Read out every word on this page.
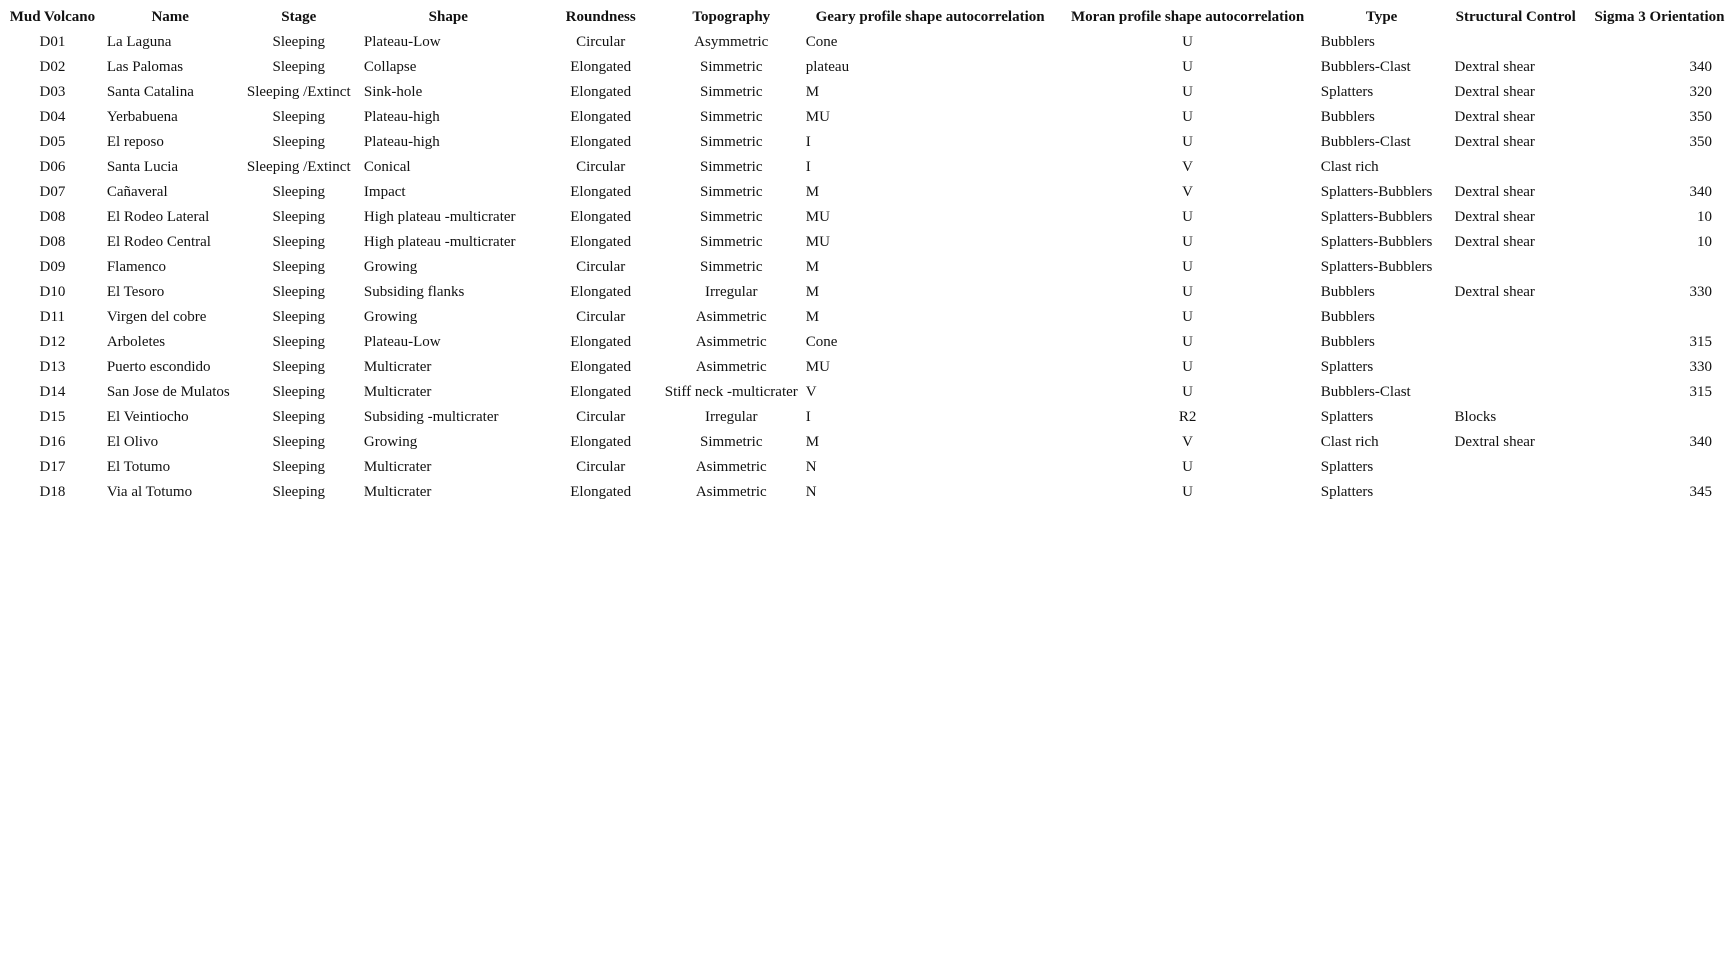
Mud Volcano	Name	Stage	Shape	Roundness	Topography	Geary profile shape autocorrelation	Moran profile shape autocorrelation	Type	Structural Control	Sigma 3 Orientation
D01	La Laguna	Sleeping	Plateau-Low	Circular	Asymmetric	Cone	U	Bubblers		
D02	Las Palomas	Sleeping	Collapse	Elongated	Simmetric	plateau	U	Bubblers-Clast	Dextral shear	340
D03	Santa Catalina	Sleeping /Extinct	Sink-hole	Elongated	Simmetric	M	U	Splatters	Dextral shear	320
D04	Yerbabuena	Sleeping	Plateau-high	Elongated	Simmetric	MU	U	Bubblers	Dextral shear	350
D05	El reposo	Sleeping	Plateau-high	Elongated	Simmetric	I	U	Bubblers-Clast	Dextral shear	350
D06	Santa Lucia	Sleeping /Extinct	Conical	Circular	Simmetric	I	V	Clast rich		
D07	Cañaveral	Sleeping	Impact	Elongated	Simmetric	M	V	Splatters-Bubblers	Dextral shear	340
D08	El Rodeo Lateral	Sleeping	High plateau -multicrater	Elongated	Simmetric	MU	U	Splatters-Bubblers	Dextral shear	10
D08	El Rodeo Central	Sleeping	High plateau -multicrater	Elongated	Simmetric	MU	U	Splatters-Bubblers	Dextral shear	10
D09	Flamenco	Sleeping	Growing	Circular	Simmetric	M	U	Splatters-Bubblers		
D10	El Tesoro	Sleeping	Subsiding flanks	Elongated	Irregular	M	U	Bubblers	Dextral shear	330
D11	Virgen del cobre	Sleeping	Growing	Circular	Asimmetric	M	U	Bubblers		
D12	Arboletes	Sleeping	Plateau-Low	Elongated	Asimmetric	Cone	U	Bubblers		315
D13	Puerto escondido	Sleeping	Multicrater	Elongated	Asimmetric	MU	U	Splatters		330
D14	San Jose de Mulatos	Sleeping	Multicrater	Elongated	Stiff neck -multicrater	V	U	Bubblers-Clast		315
D15	El Veintiocho	Sleeping	Subsiding -multicrater	Circular	Irregular	I	R2	Splatters	Blocks	
D16	El Olivo	Sleeping	Growing	Elongated	Simmetric	M	V	Clast rich	Dextral shear	340
D17	El Totumo	Sleeping	Multicrater	Circular	Asimmetric	N	U	Splatters		
D18	Via al Totumo	Sleeping	Multicrater	Elongated	Asimmetric	N	U	Splatters		345
